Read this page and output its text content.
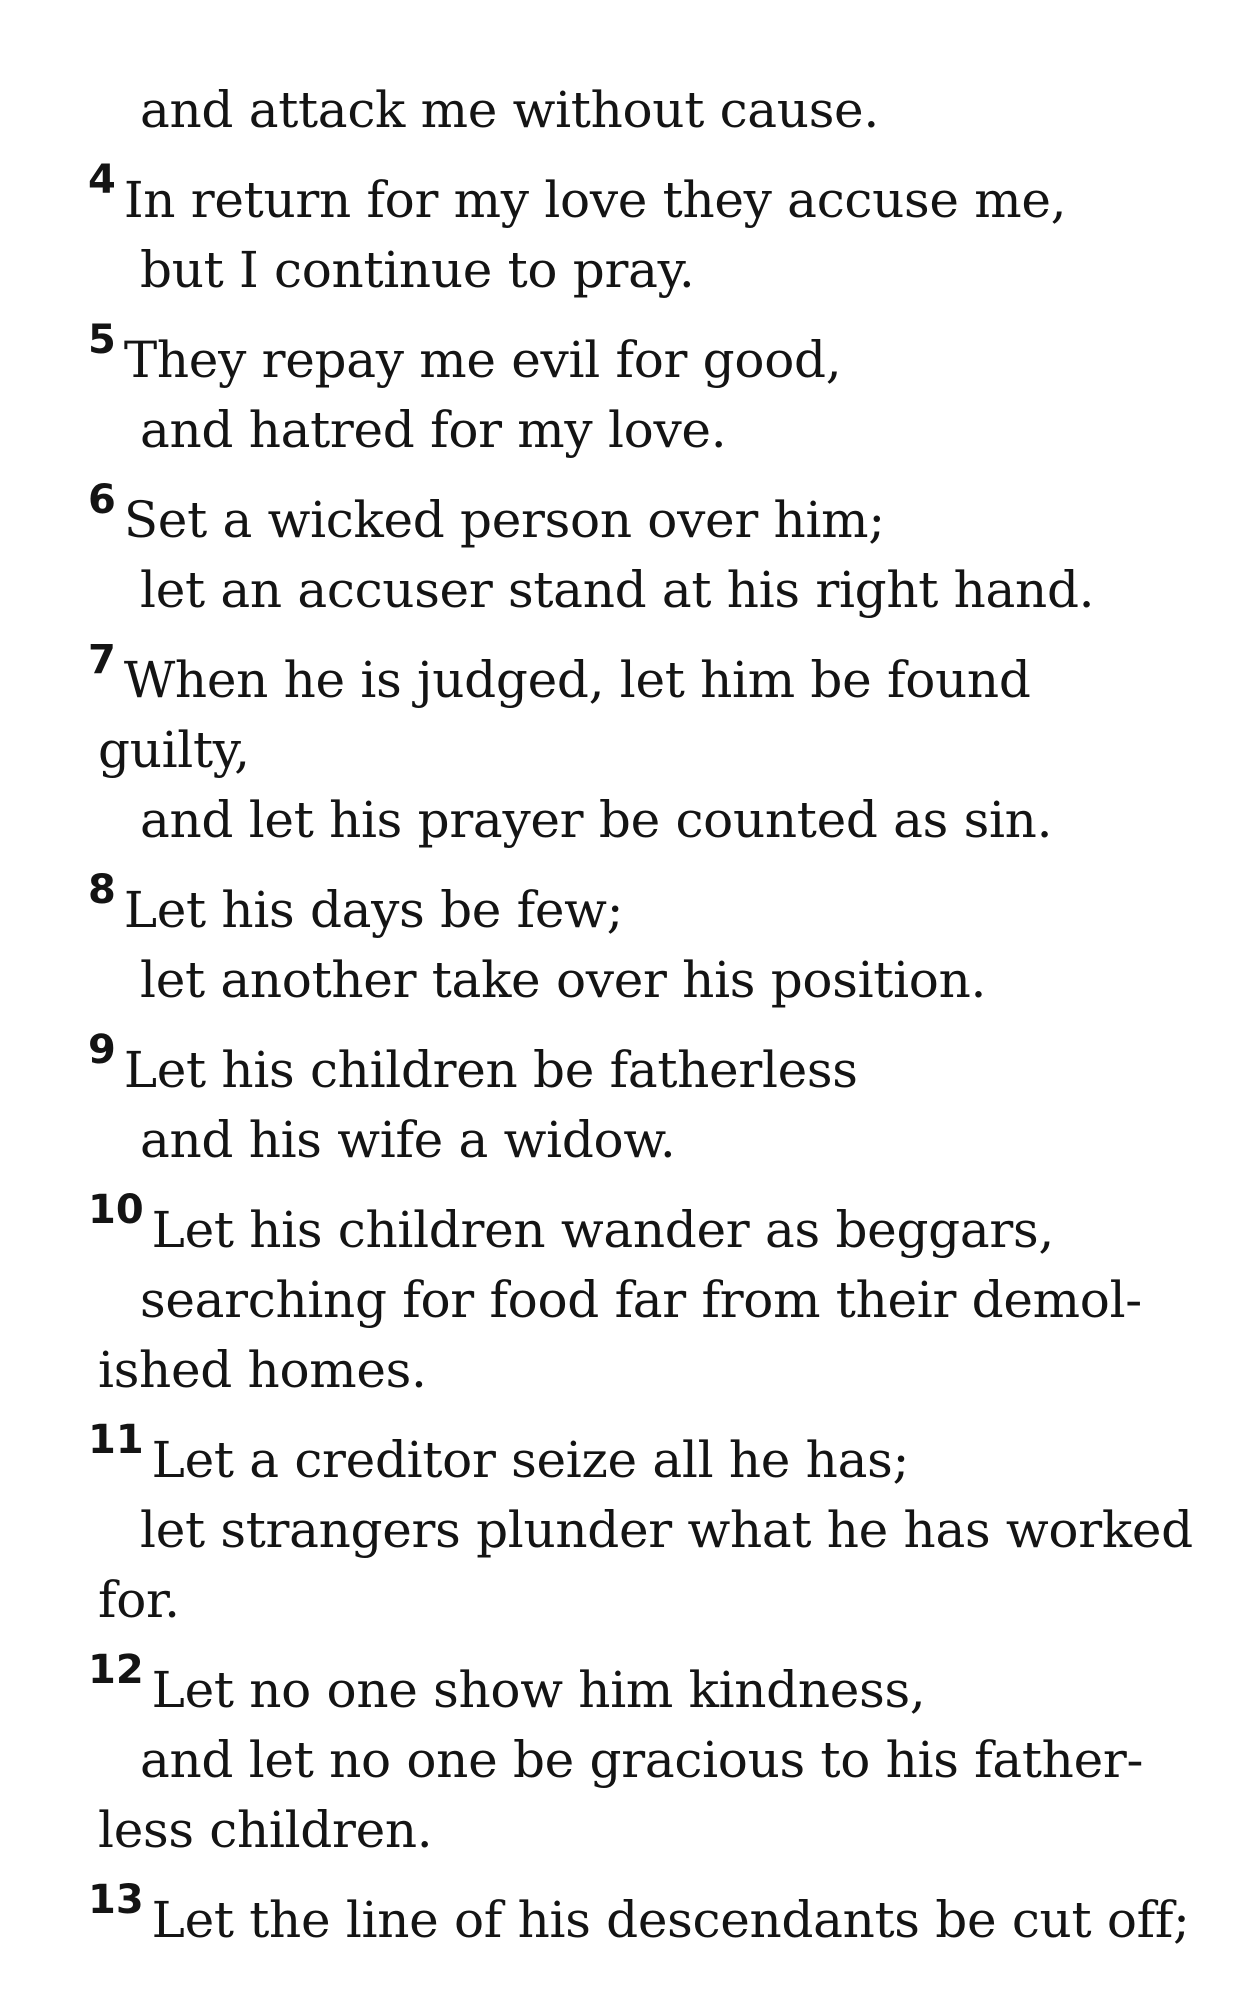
and attack me without cause.
$^4$ In return for my love they accuse me,
but I continue to pray.
$^5$ They repay me evil for good,
and hatred for my love.
$^6$ Set a wicked person over him;
let an accuser stand at his right hand.
$^7$ When he is judged, let him be found
guilty,
and let his prayer be counted as sin.
$^8$ Let his days be few;
let another take over his position.
$^9$ Let his children be fatherless
and his wife a widow.
$^{10}$ Let his children wander as beggars,
searching for food far from their demol-
ished homes.
$^{11}$ Let a creditor seize all he has;
let strangers plunder what he has worked
for.
$^{12}$ Let no one show him kindness,
and let no one be gracious to his father-
less children.
$^{13}$ Let the line of his descendants be cut off;
